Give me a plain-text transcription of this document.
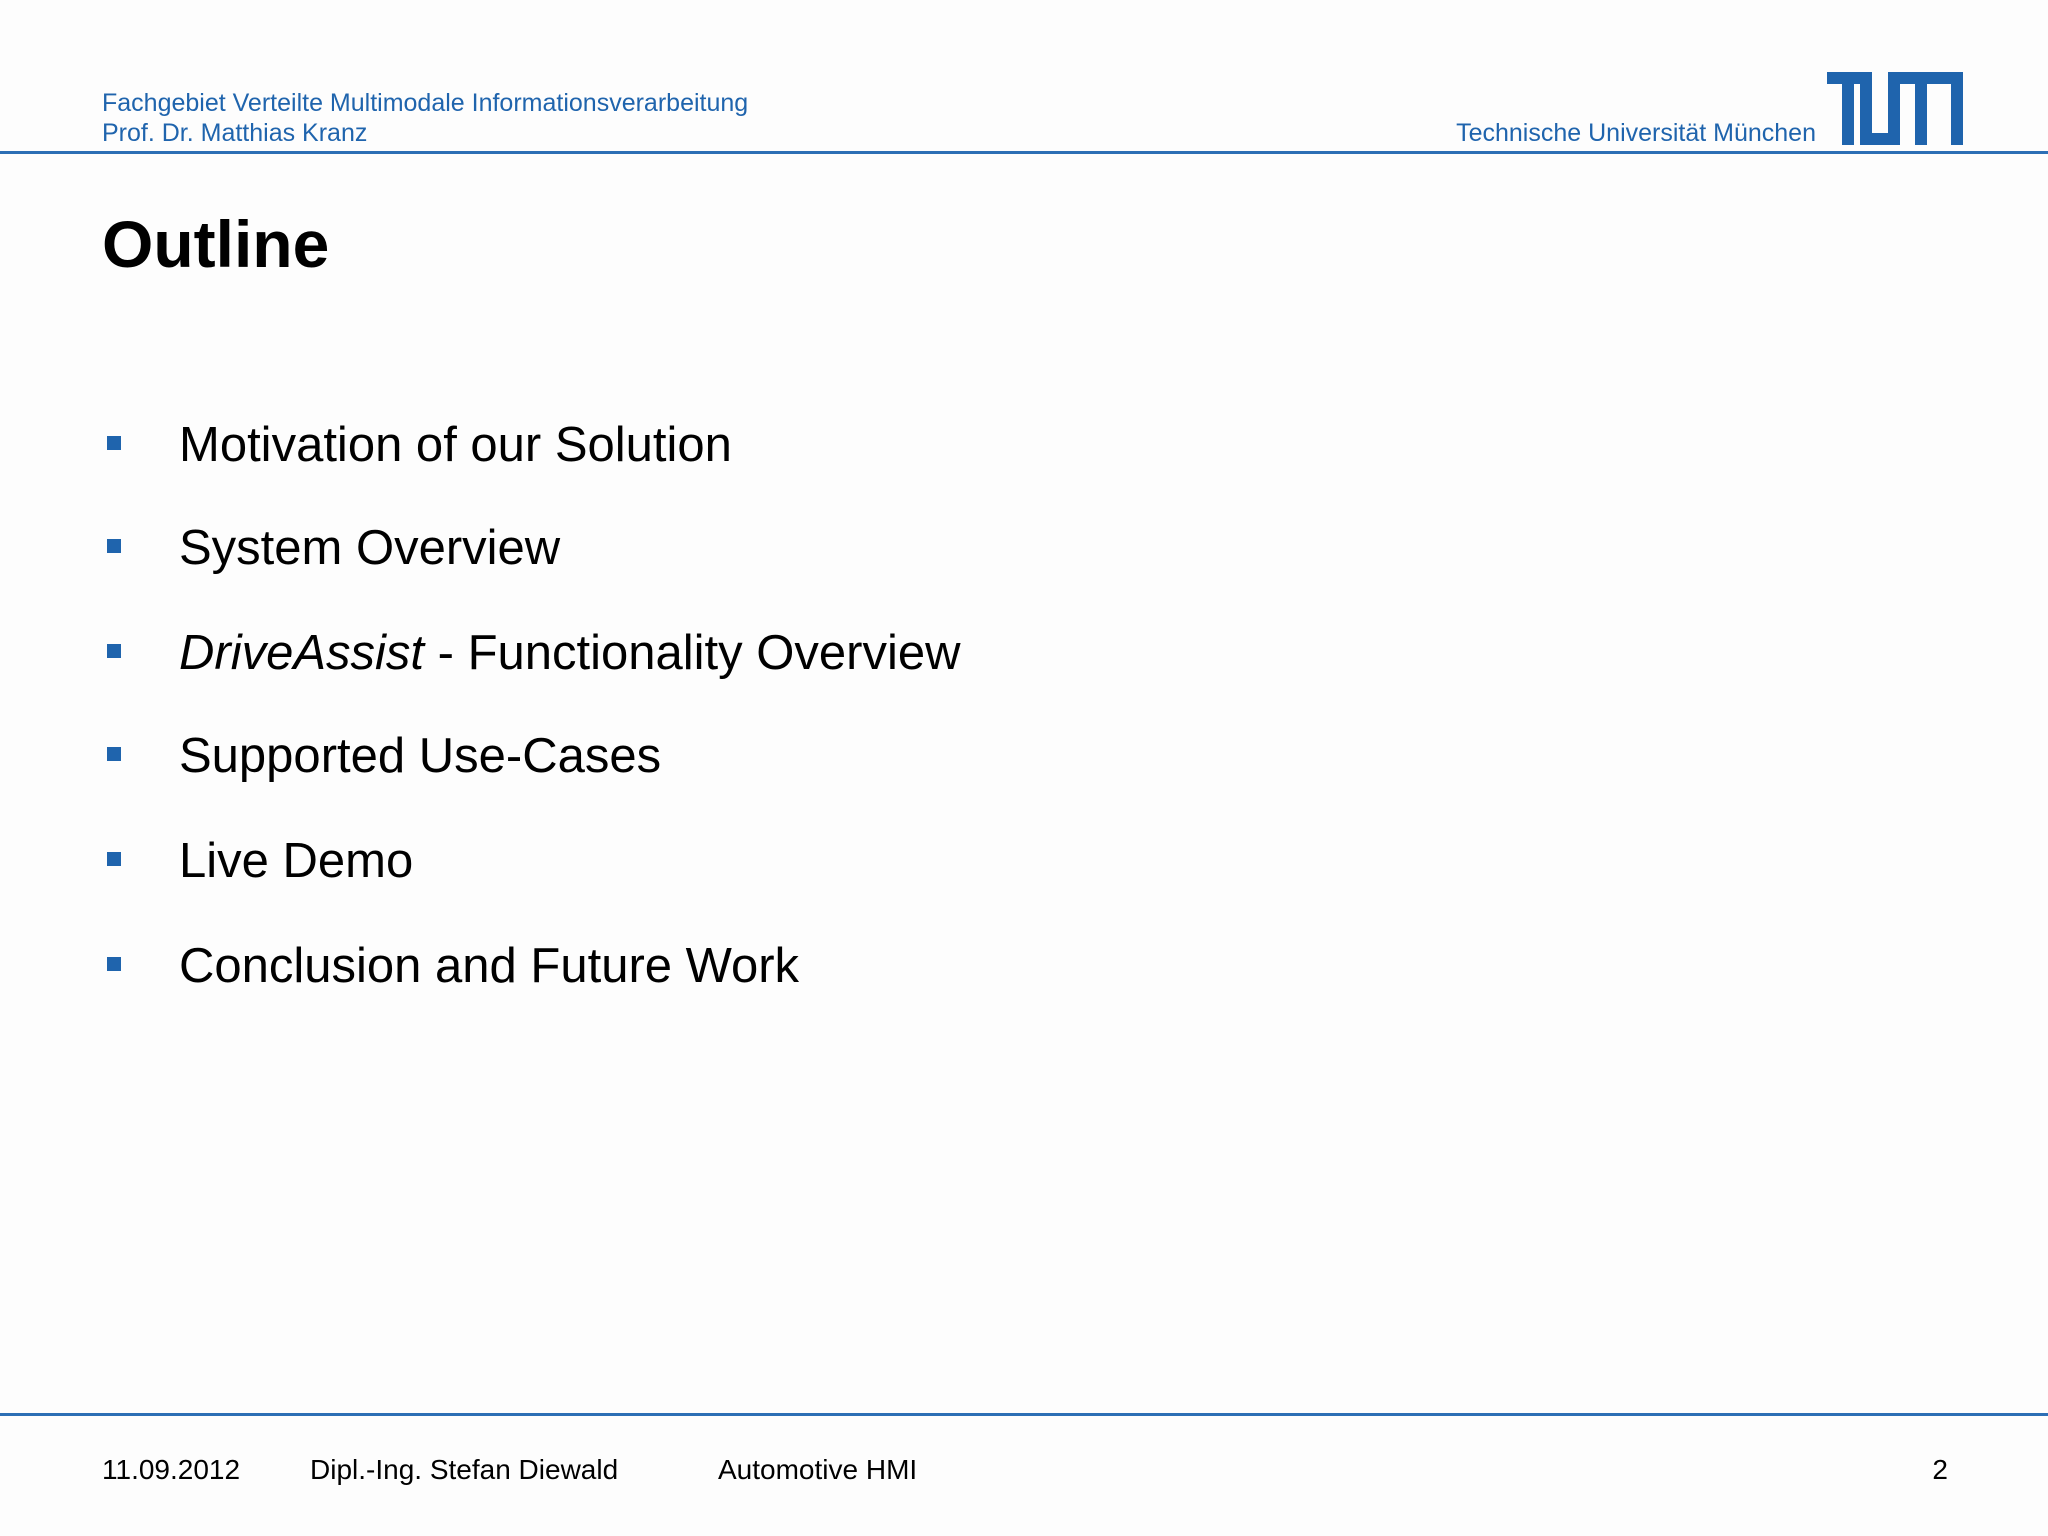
Fachgebiet Verteilte Multimodale Informationsverarbeitung
Prof. Dr. Matthias Kranz	Technische Universität München
Outline
Motivation of our Solution
System Overview
DriveAssist - Functionality Overview
Supported Use-Cases
Live Demo
Conclusion and Future Work
11.09.2012 Dipl.-Ing. Stefan Diewald	Automotive HMI	2
